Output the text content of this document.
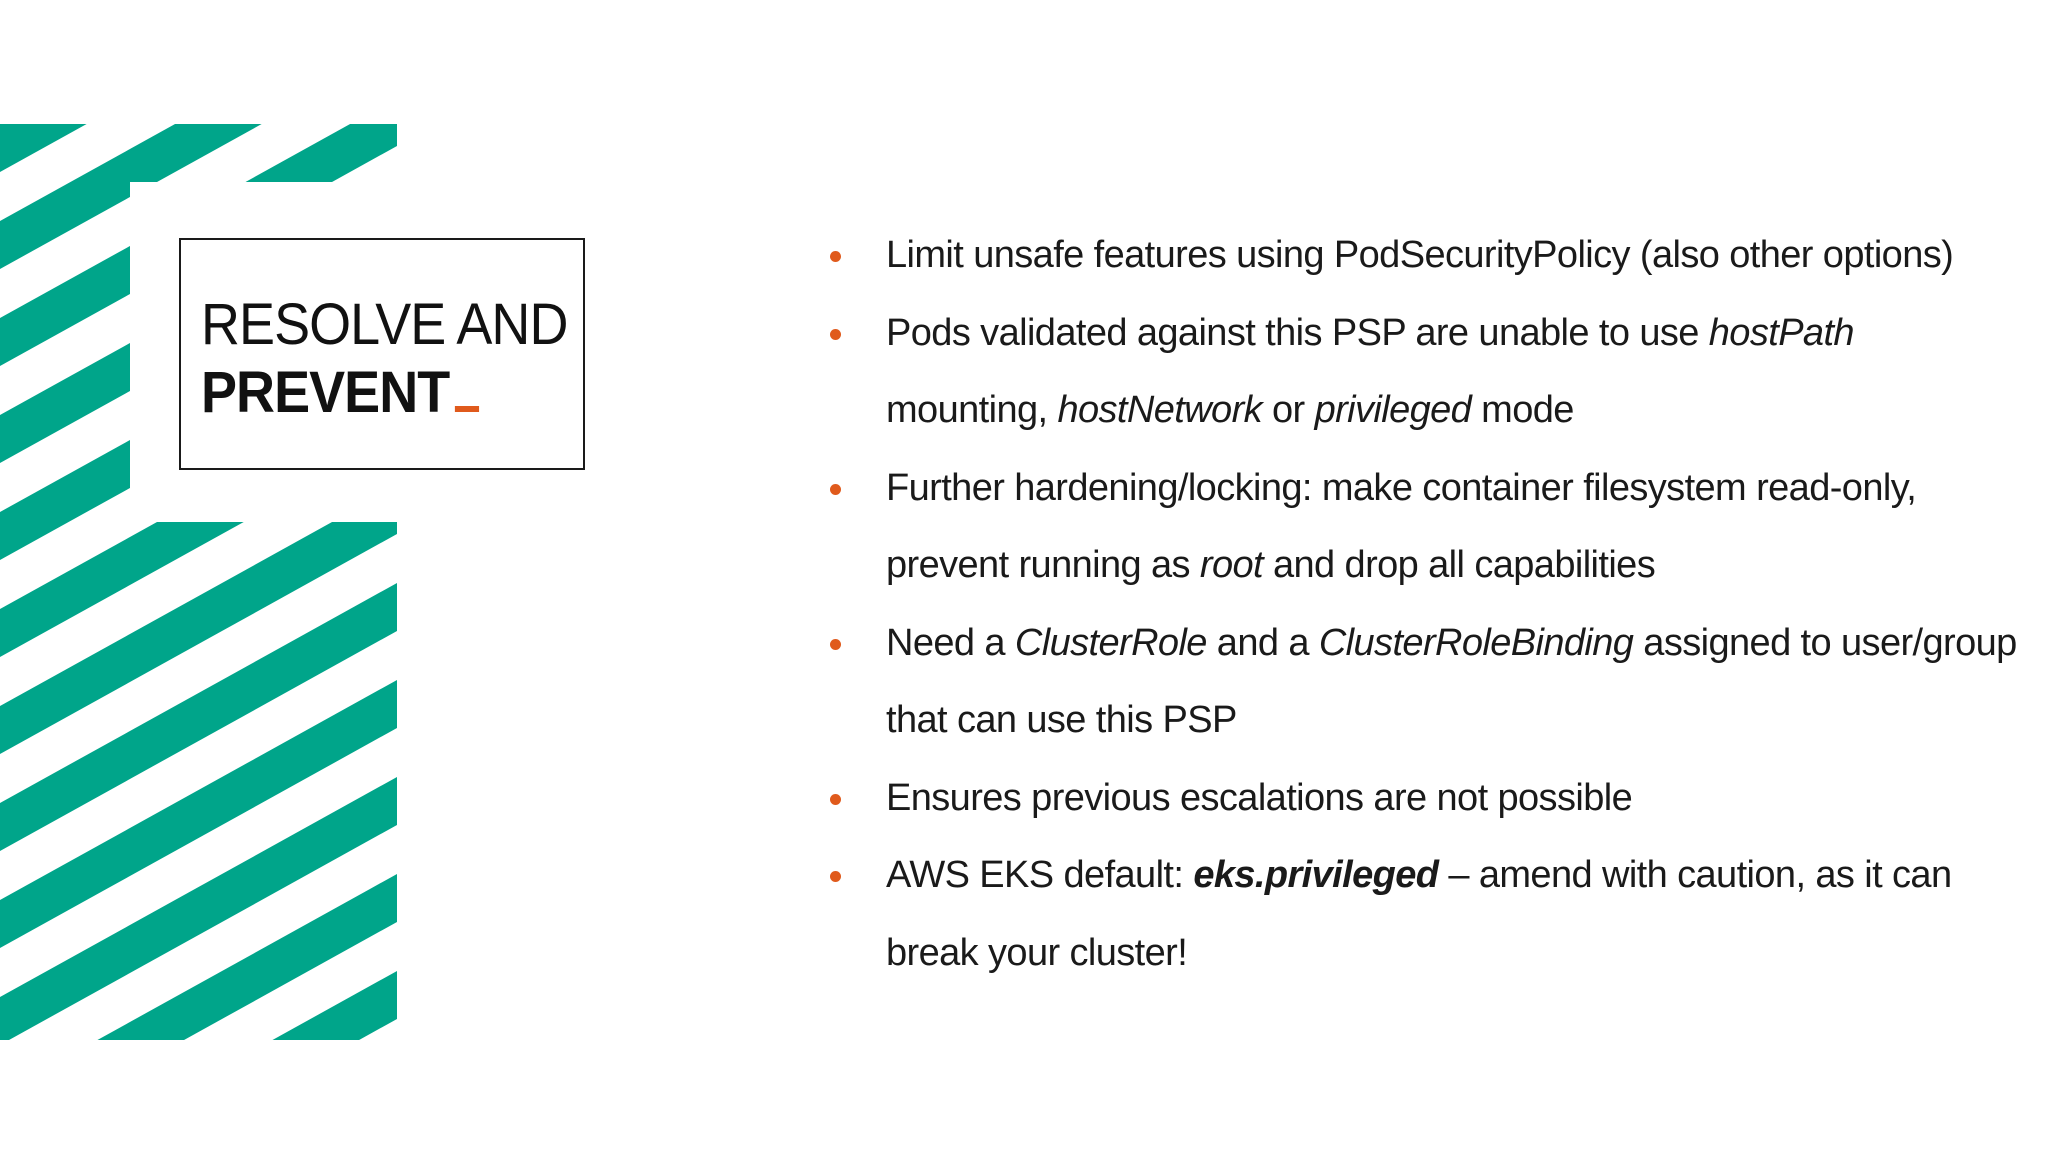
RESOLVE AND
PREVENT
Limit unsafe features using PodSecurityPolicy (also other options)
Pods validated against this PSP are unable to use hostPath mounting, hostNetwork or privileged mode
Further hardening/locking: make container filesystem read-only, prevent running as root and drop all capabilities
Need a ClusterRole and a ClusterRoleBinding assigned to user/group that can use this PSP
Ensures previous escalations are not possible
AWS EKS default: eks.privileged – amend with caution, as it can break your cluster!
